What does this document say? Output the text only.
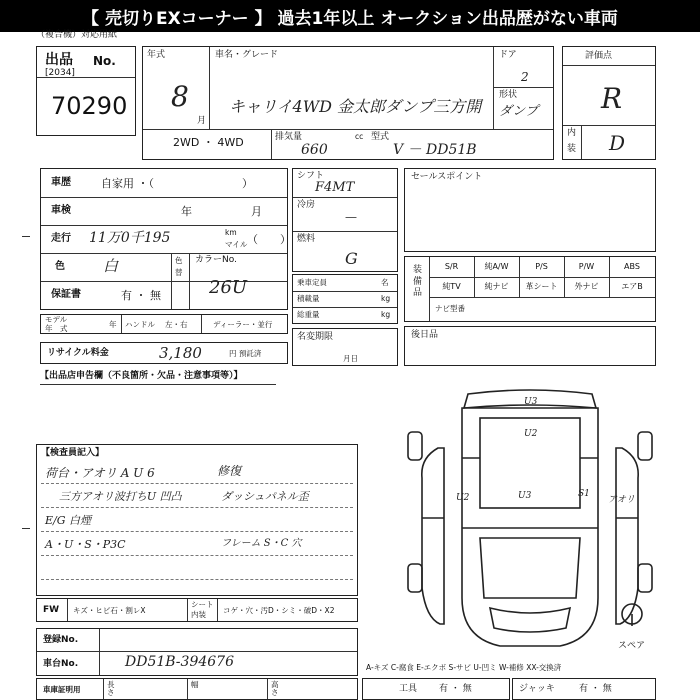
【 売切りEXコーナー 】 過去1年以上 オークション出品歴がない車両
（複合機）対応用紙
出品 No.
[2034]
70290
年式
8
月
車名・グレード
キャリイ4WD 金太郎ダンプ三方開
ドア
2
形状
ダンプ
2WD ・ 4WD	排気量
660
cc 型式
V － DD51B
評価点
R
内
装 D
車歴	自家用 ・（　　　　　　　　）
車検	年	月
走行 11万0千195	km
マイル （　　）
色	白	色
替
カラーNo.
26U
保証書	有 ・ 無
モデル
年　式	年 ハンドル 左・右	ディーラー・並行
リサイクル料金	3,180	円 預託済
シフト
F4MT
冷房
—
燃料
G
乗車定員	名
積載量	kg
総重量	kg
名変期限
月日
セールスポイント
装備品
S/R	純A/W	P/S	P/W	ABS
純TV	純ナビ	革シート	外ナビ	エアB
ナビ型番
後日品
【出品店申告欄（不良箇所・欠品・注意事項等）】
【検査員記入】
荷台・アオリ A U 6
三方アオリ波打ちU 凹凸
E/G 白煙
A・U・S・P3C
修復
ダッシュパネル歪
フレーム S・C 穴
FW キズ・ヒビ石・割レX
シート
内装 コゲ・穴・汚D・シミ・破D・X2
登録No.
車台No.	DD51B-394676
車庫証明用
長さ
幅	高さ
A-キズ C-腐食 E-エクボ S-サビ U-凹ミ W-補修 XX-交換済
工具 有 ・ 無	ジャッキ	有 ・ 無
U3
U2
U2	U3	S1
アオリ
スペア
